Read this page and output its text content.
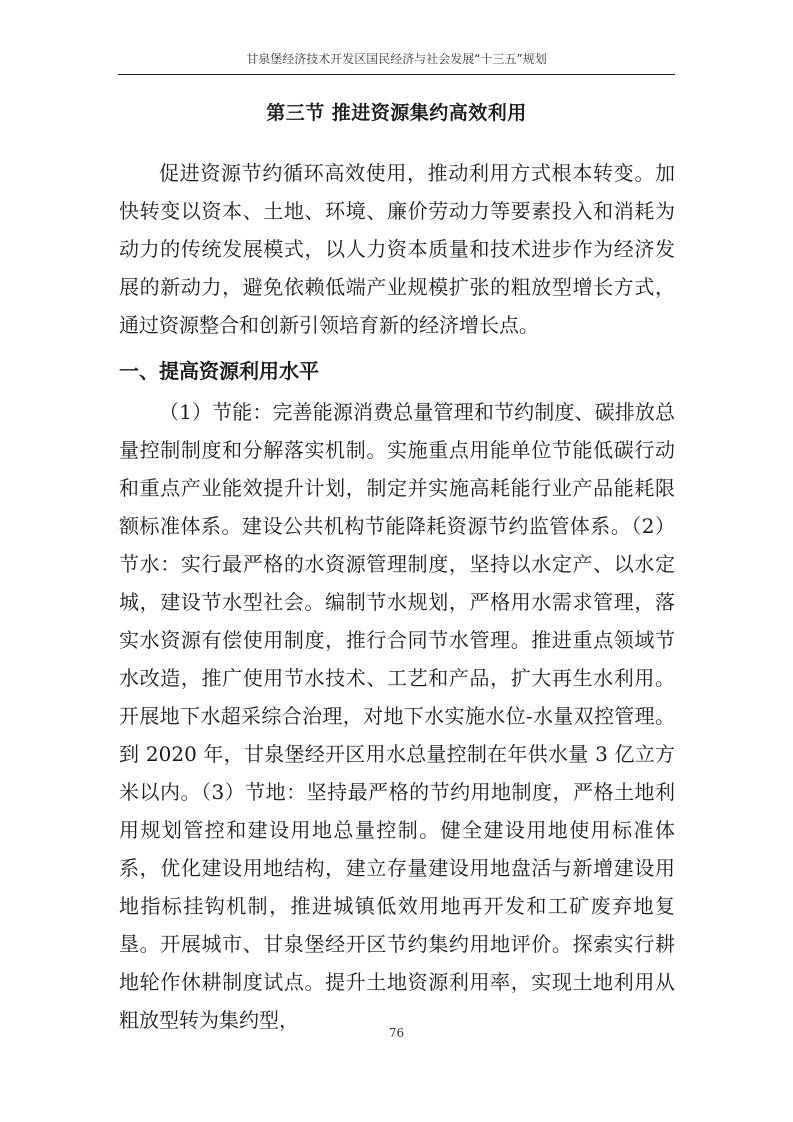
甘泉堡经济技术开发区国民经济与社会发展“十三五”规划
第三节 推进资源集约高效利用

促进资源节约循环高效使用，推动利用方式根本转变。加快转变以资本、土地、环境、廉价劳动力等要素投入和消耗为动力的传统发展模式，以人力资本质量和技术进步作为经济发展的新动力，避免依赖低端产业规模扩张的粗放型增长方式，通过资源整合和创新引领培育新的经济增长点。

一、提高资源利用水平

（1）节能：完善能源消费总量管理和节约制度、碳排放总量控制制度和分解落实机制。实施重点用能单位节能低碳行动和重点产业能效提升计划，制定并实施高耗能行业产品能耗限额标准体系。建设公共机构节能降耗资源节约监管体系。（2）节水：实行最严格的水资源管理制度，坚持以水定产、以水定城，建设节水型社会。编制节水规划，严格用水需求管理，落实水资源有偿使用制度，推行合同节水管理。推进重点领域节水改造，推广使用节水技术、工艺和产品，扩大再生水利用。开展地下水超采综合治理，对地下水实施水位-水量双控管理。到 2020 年，甘泉堡经开区用水总量控制在年供水量 3 亿立方米以内。（3）节地：坚持最严格的节约用地制度，严格土地利用规划管控和建设用地总量控制。健全建设用地使用标准体系，优化建设用地结构，建立存量建设用地盘活与新增建设用地指标挂钩机制，推进城镇低效用地再开发和工矿废弃地复垦。开展城市、甘泉堡经开区节约集约用地评价。探索实行耕地轮作休耕制度试点。提升土地资源利用率，实现土地利用从粗放型转为集约型，

76
